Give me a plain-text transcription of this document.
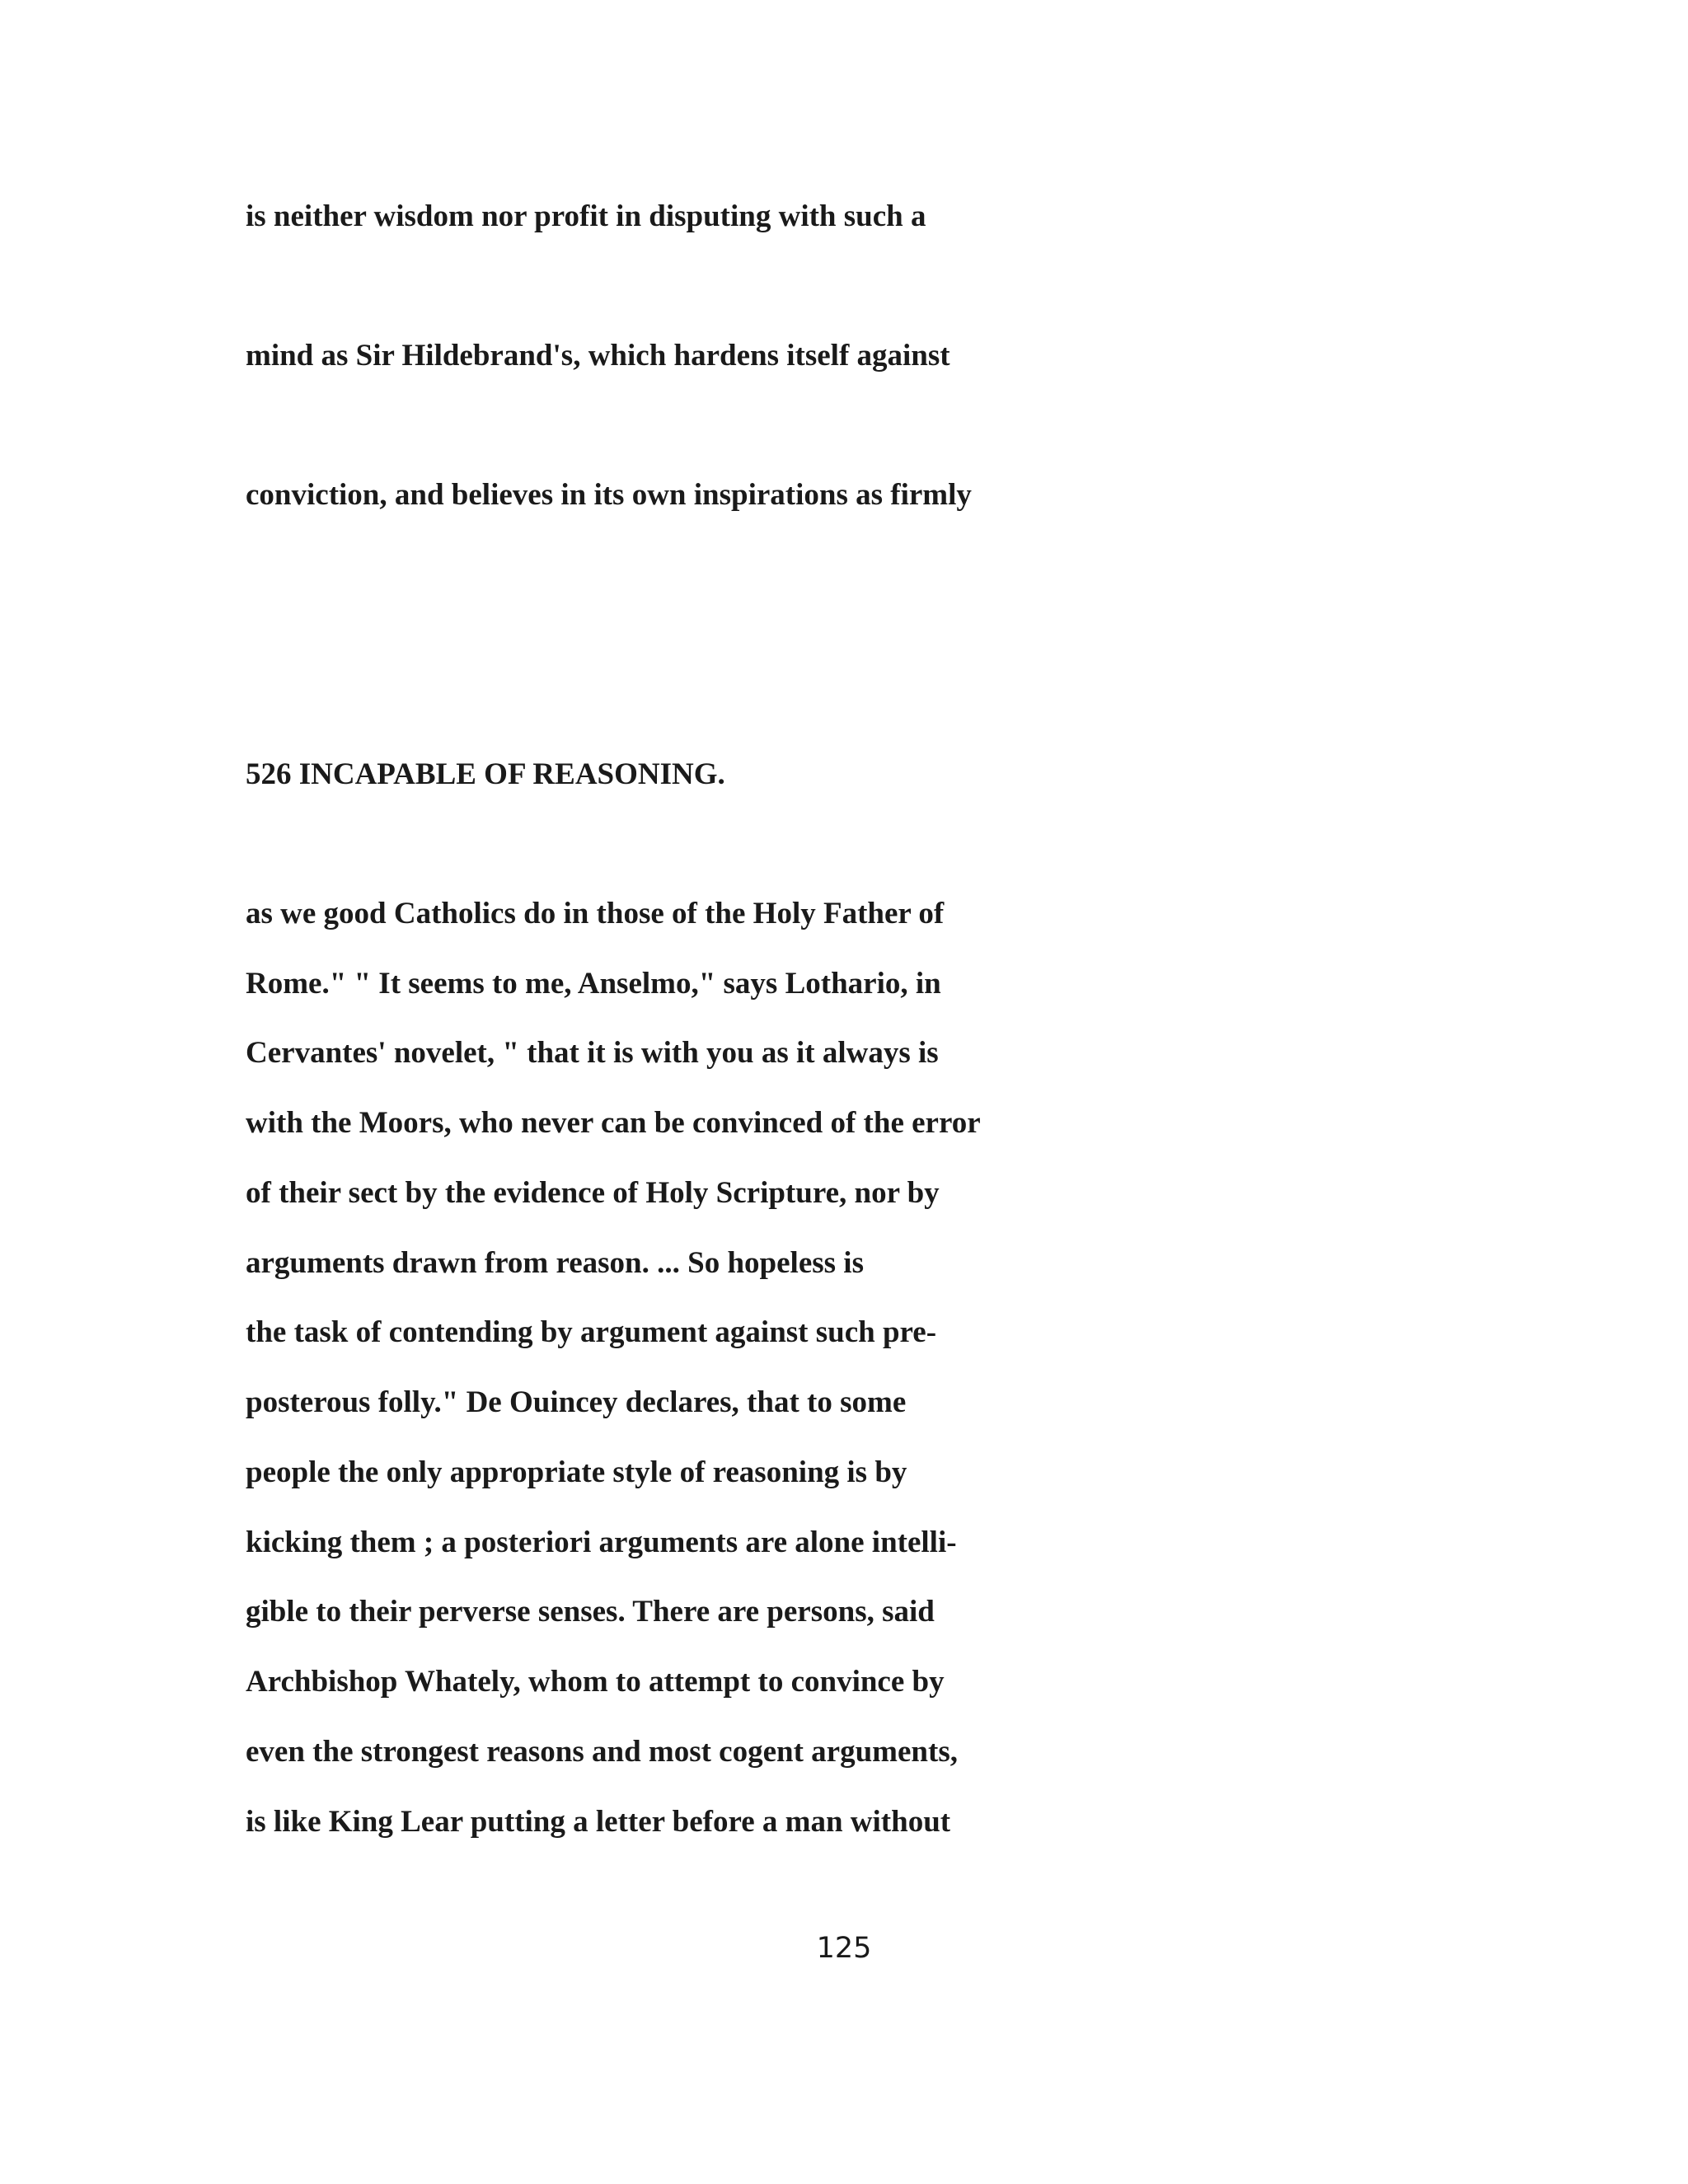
is neither wisdom nor profit in disputing with such a

mind as Sir Hildebrand's, which hardens itself against

conviction, and believes in its own inspirations as firmly

526 INCAPABLE OF REASONING.

as we good Catholics do in those of the Holy Father of

Rome." " It seems to me, Anselmo," says Lothario, in

Cervantes' novelet, " that it is with you as it always is

with the Moors, who never can be convinced of the error

of their sect by the evidence of Holy Scripture, nor by

arguments drawn from reason. ... So hopeless is

the task of contending by argument against such pre-

posterous folly." De Ouincey declares, that to some

people the only appropriate style of reasoning is by

kicking them ; a posteriori arguments are alone intelli-

gible to their perverse senses. There are persons, said

Archbishop Whately, whom to attempt to convince by

even the strongest reasons and most cogent arguments,

is like King Lear putting a letter before a man without

125
